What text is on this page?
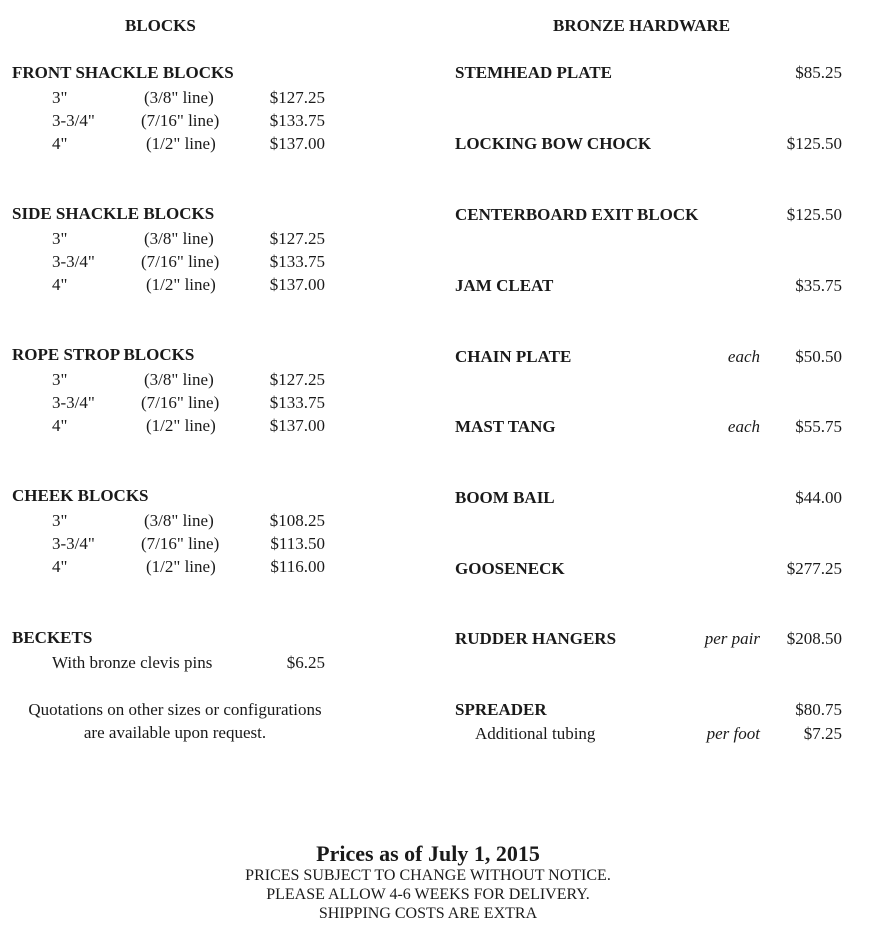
BLOCKS	BRONZE HARDWARE
FRONT SHACKLE BLOCKS
3"	(3/8" line)	$127.25
3-3/4"	(7/16" line)	$133.75
4"	(1/2" line)	$137.00
SIDE SHACKLE BLOCKS
3"	(3/8" line)	$127.25
3-3/4"	(7/16" line)	$133.75
4"	(1/2" line)	$137.00
ROPE STROP BLOCKS
3"	(3/8" line)	$127.25
3-3/4"	(7/16" line)	$133.75
4"	(1/2" line)	$137.00
CHEEK BLOCKS
3"	(3/8" line)	$108.25
3-3/4"	(7/16" line)	$113.50
4"	(1/2" line)	$116.00
BECKETS
With bronze clevis pins	$6.25
Quotations on other sizes or configurations
are available upon request.
STEMHEAD PLATE	$85.25
LOCKING BOW CHOCK	$125.50
CENTERBOARD EXIT BLOCK	$125.50
JAM CLEAT	$35.75
CHAIN PLATE	each	$50.50
MAST TANG	each	$55.75
BOOM BAIL	$44.00
GOOSENECK	$277.25
RUDDER HANGERS	per pair	$208.50
SPREADER	$80.75
Additional tubing	per foot	$7.25
Prices as of July 1, 2015
PRICES SUBJECT TO CHANGE WITHOUT NOTICE.
PLEASE ALLOW 4-6 WEEKS FOR DELIVERY.
SHIPPING COSTS ARE EXTRA
